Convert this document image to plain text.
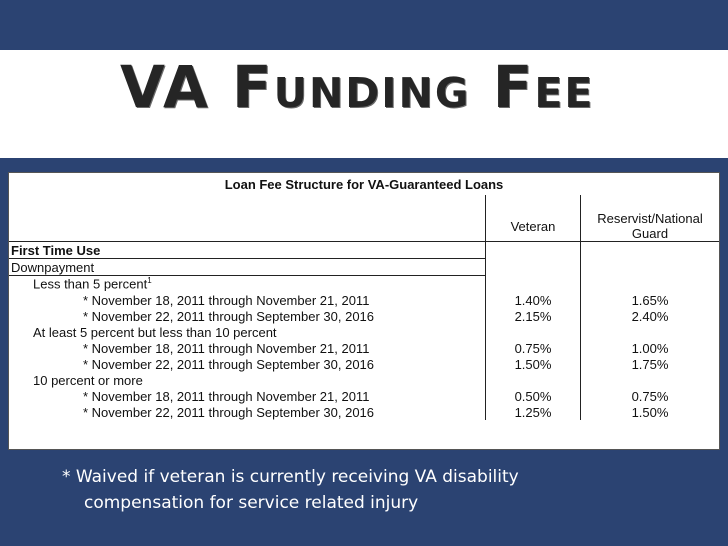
VA Funding Fee
Loan Fee Structure for VA-Guaranteed Loans		

	Veteran	Reservist/National Guard
First Time Use		
Downpayment		
Less than 5 percent$^1$		
* November 18, 2011 through November 21, 2011	1.40%	1.65%
* November 22, 2011 through September 30, 2016	2.15%	2.40%
At least 5 percent but less than 10 percent		
* November 18, 2011 through November 21, 2011	0.75%	1.00%
* November 22, 2011 through September 30, 2016	1.50%	1.75%
10 percent or more		
* November 18, 2011 through November 21, 2011	0.50%	0.75%
* November 22, 2011 through September 30, 2016	1.25%	1.50%
* Waived if veteran is currently receiving VA disability
compensation for service related injury
